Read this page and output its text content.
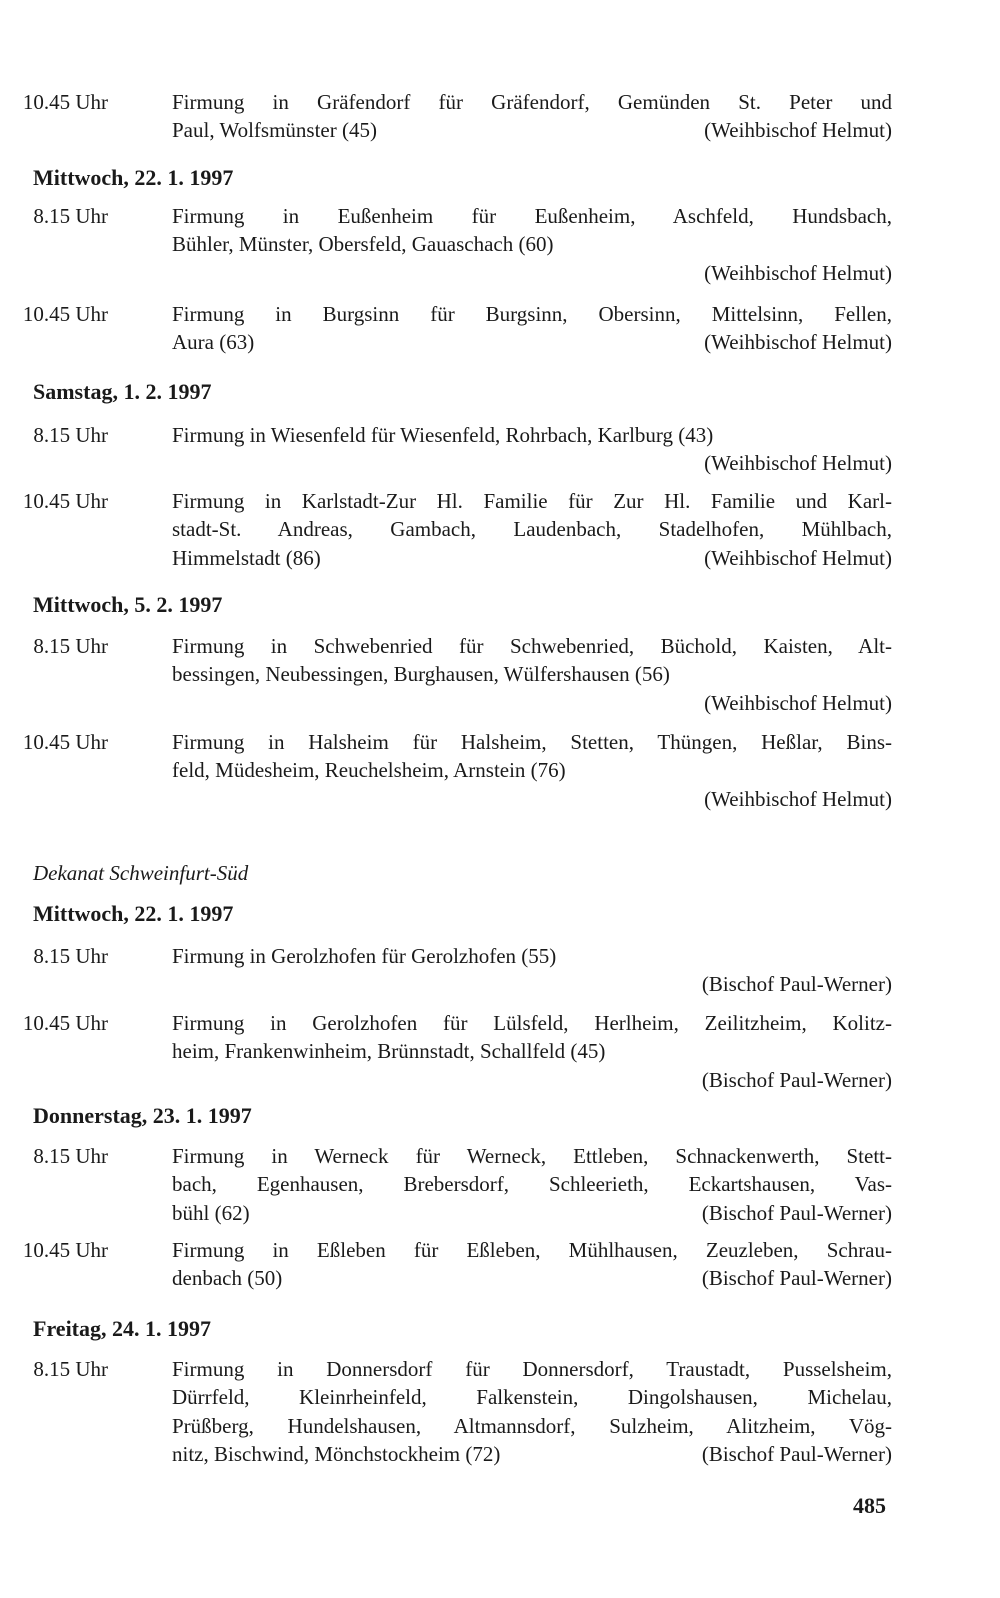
10.45 Uhr	Firmung in Gräfendorf für Gräfendorf, Gemünden St. Peter und
Paul, Wolfsmünster (45)	(Weihbischof Helmut)
Mittwoch, 22. 1. 1997
8.15 Uhr	Firmung in Eußenheim für Eußenheim, Aschfeld, Hundsbach,
Bühler, Münster, Obersfeld, Gauaschach (60)
(Weihbischof Helmut)
10.45 Uhr	Firmung in Burgsinn für Burgsinn, Obersinn, Mittelsinn, Fellen,
Aura (63)	(Weihbischof Helmut)
Samstag, 1. 2. 1997
8.15 Uhr	Firmung in Wiesenfeld für Wiesenfeld, Rohrbach, Karlburg (43)
(Weihbischof Helmut)
10.45 Uhr	Firmung in Karlstadt-Zur Hl. Familie für Zur Hl. Familie und Karl-
stadt-St. Andreas, Gambach, Laudenbach, Stadelhofen, Mühlbach,
Himmelstadt (86)	(Weihbischof Helmut)
Mittwoch, 5. 2. 1997
8.15 Uhr	Firmung in Schwebenried für Schwebenried, Büchold, Kaisten, Alt-
bessingen, Neubessingen, Burghausen, Wülfershausen (56)
(Weihbischof Helmut)
10.45 Uhr	Firmung in Halsheim für Halsheim, Stetten, Thüngen, Heßlar, Bins-
feld, Müdesheim, Reuchelsheim, Arnstein (76)
(Weihbischof Helmut)
Dekanat Schweinfurt-Süd
Mittwoch, 22. 1. 1997
8.15 Uhr	Firmung in Gerolzhofen für Gerolzhofen (55)
(Bischof Paul-Werner)
10.45 Uhr	Firmung in Gerolzhofen für Lülsfeld, Herlheim, Zeilitzheim, Kolitz-
heim, Frankenwinheim, Brünnstadt, Schallfeld (45)
(Bischof Paul-Werner)
Donnerstag, 23. 1. 1997
8.15 Uhr	Firmung in Werneck für Werneck, Ettleben, Schnackenwerth, Stett-
bach, Egenhausen, Brebersdorf, Schleerieth, Eckartshausen, Vas-
bühl (62)	(Bischof Paul-Werner)
10.45 Uhr	Firmung in Eßleben für Eßleben, Mühlhausen, Zeuzleben, Schrau-
denbach (50)	(Bischof Paul-Werner)
Freitag, 24. 1. 1997
8.15 Uhr	Firmung in Donnersdorf für Donnersdorf, Traustadt, Pusselsheim,
Dürrfeld, Kleinrheinfeld, Falkenstein, Dingolshausen, Michelau,
Prüßberg, Hundelshausen, Altmannsdorf, Sulzheim, Alitzheim, Vög-
nitz, Bischwind, Mönchstockheim (72)	(Bischof Paul-Werner)
485
